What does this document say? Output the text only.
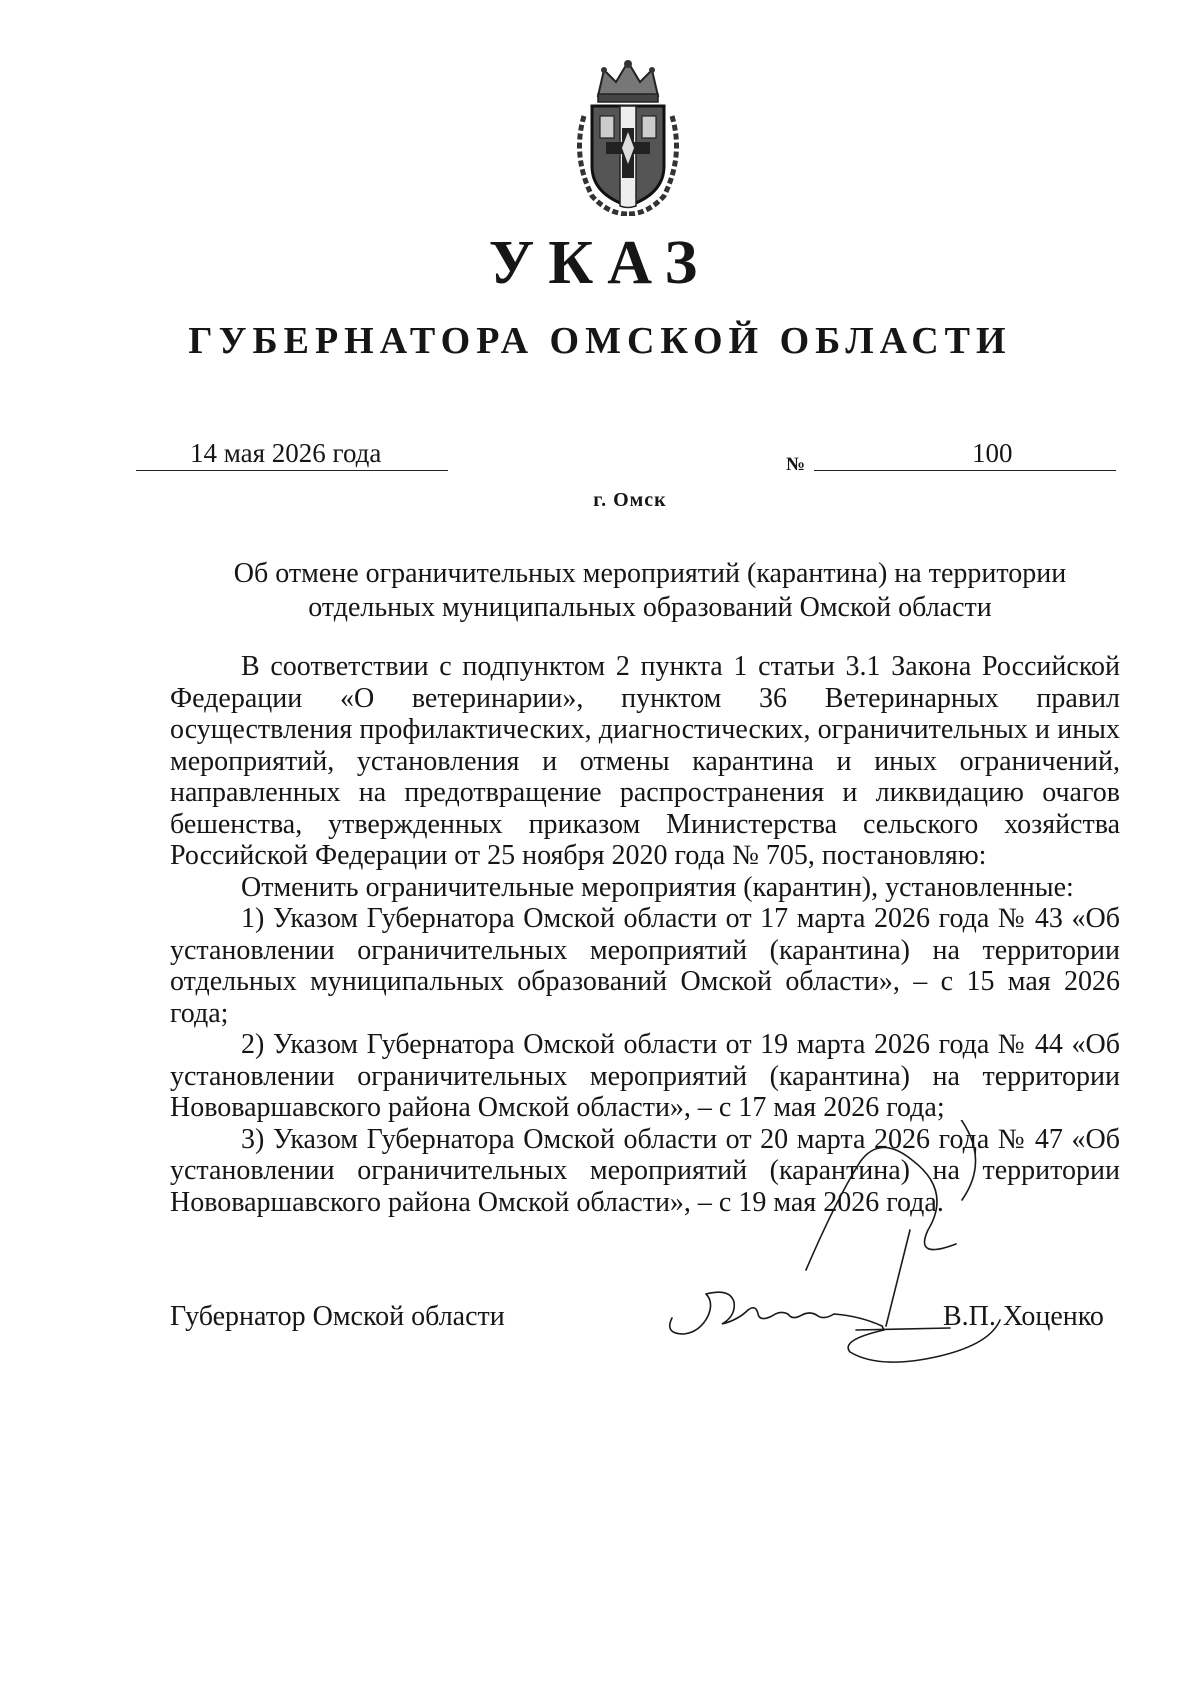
УКАЗ
ГУБЕРНАТОРА ОМСКОЙ ОБЛАСТИ
14 мая 2026 года	№	100
г. Омск
Об отмене ограничительных мероприятий (карантина) на территории
отдельных муниципальных образований Омской области

В соответствии с подпунктом 2 пункта 1 статьи 3.1 Закона Российской Федерации «О ветеринарии», пунктом 36 Ветеринарных правил осуществления профилактических, диагностических, ограничительных и иных мероприятий, установления и отмены карантина и иных ограничений, направленных на предотвращение распространения и ликвидацию очагов бешенства, утвержденных приказом Министерства сельского хозяйства Российской Федерации от 25 ноября 2020 года № 705, постановляю:

Отменить ограничительные мероприятия (карантин), установленные:

1) Указом Губернатора Омской области от 17 марта 2026 года № 43 «Об установлении ограничительных мероприятий (карантина) на территории отдельных муниципальных образований Омской области», – с 15 мая 2026 года;

2) Указом Губернатора Омской области от 19 марта 2026 года № 44 «Об установлении ограничительных мероприятий (карантина) на территории Нововаршавского района Омской области», – с 17 мая 2026 года;

3) Указом Губернатора Омской области от 20 марта 2026 года № 47 «Об установлении ограничительных мероприятий (карантина) на территории Нововаршавского района Омской области», – с 19 мая 2026 года.

Губернатор Омской области	В.П. Хоценко
